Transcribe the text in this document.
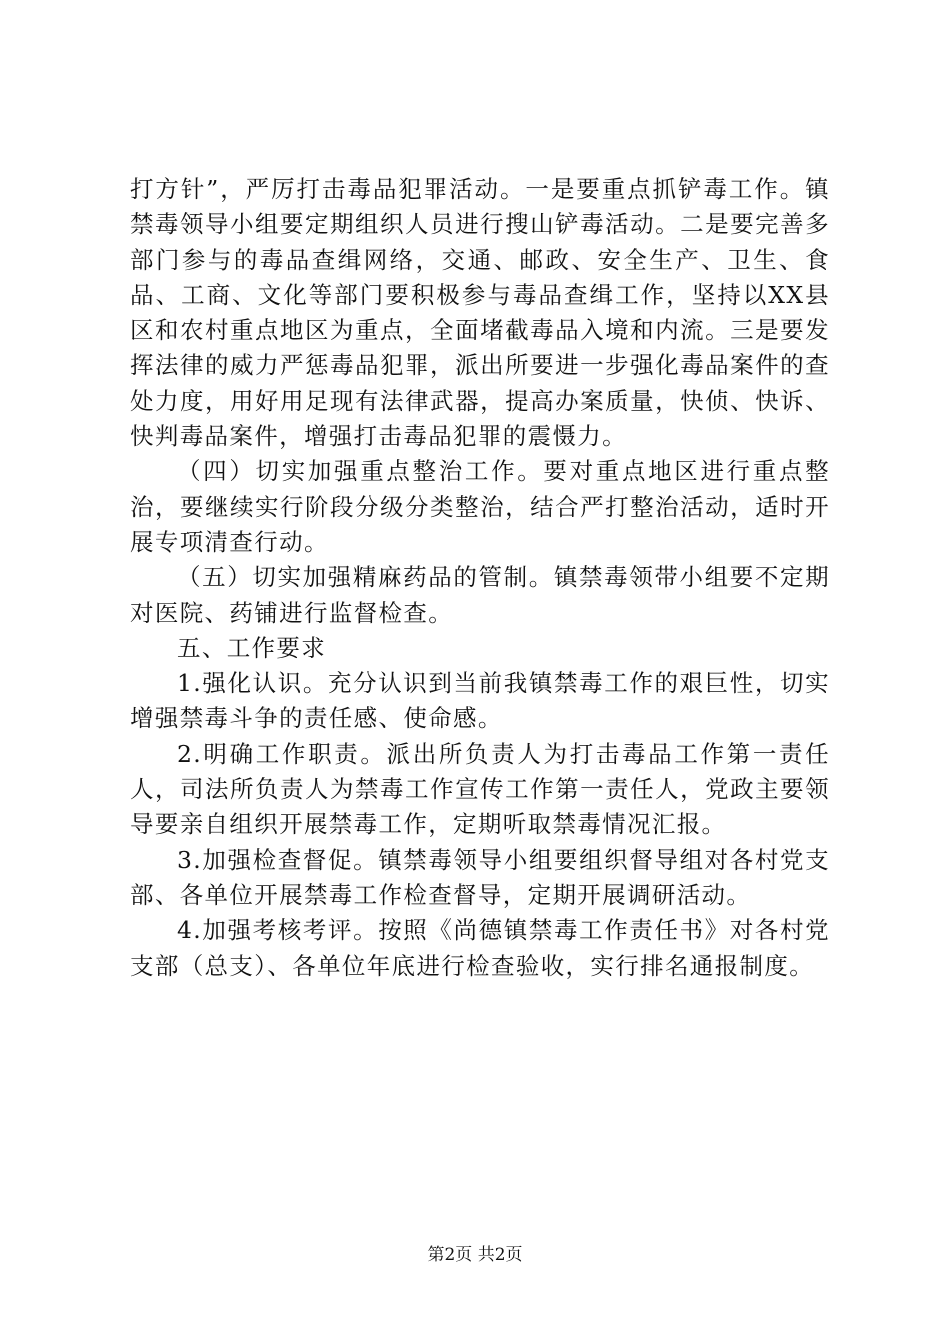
打方针”，严厉打击毒品犯罪活动。一是要重点抓铲毒工作。镇禁毒领导小组要定期组织人员进行搜山铲毒活动。二是要完善多部门参与的毒品查缉网络，交通、邮政、安全生产、卫生、食品、工商、文化等部门要积极参与毒品查缉工作，坚持以XX县区和农村重点地区为重点，全面堵截毒品入境和内流。三是要发挥法律的威力严惩毒品犯罪，派出所要进一步强化毒品案件的查处力度，用好用足现有法律武器，提高办案质量，快侦、快诉、快判毒品案件，增强打击毒品犯罪的震慑力。

（四）切实加强重点整治工作。要对重点地区进行重点整治，要继续实行阶段分级分类整治，结合严打整治活动，适时开展专项清查行动。

（五）切实加强精麻药品的管制。镇禁毒领带小组要不定期对医院、药铺进行监督检查。

五、工作要求

1.强化认识。充分认识到当前我镇禁毒工作的艰巨性，切实增强禁毒斗争的责任感、使命感。

2.明确工作职责。派出所负责人为打击毒品工作第一责任人，司法所负责人为禁毒工作宣传工作第一责任人，党政主要领导要亲自组织开展禁毒工作，定期听取禁毒情况汇报。

3.加强检查督促。镇禁毒领导小组要组织督导组对各村党支部、各单位开展禁毒工作检查督导，定期开展调研活动。

4.加强考核考评。按照《尚德镇禁毒工作责任书》对各村党支部（总支）、各单位年底进行检查验收，实行排名通报制度。

第2页 共2页
